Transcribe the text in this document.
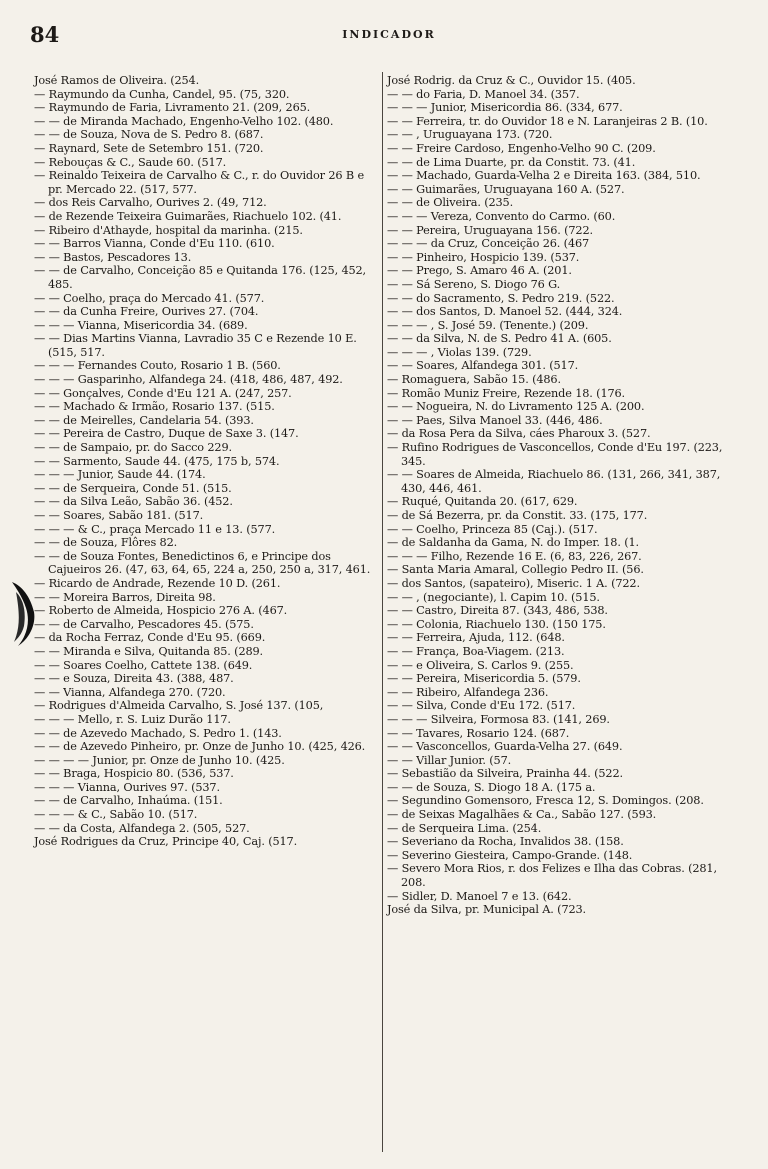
84	INDICADOR

José Ramos de Oliveira. (254.

— Raymundo da Cunha, Candel, 95. (75, 320.

— Raymundo de Faria, Livramento 21. (209, 265.

— — de Miranda Machado, Engenho-Velho 102. (480.

— — de Souza, Nova de S. Pedro 8. (687.

— Raynard, Sete de Setembro 151. (720.

— Rebouças & C., Saude 60. (517.

— Reinaldo Teixeira de Carvalho & C., r. do Ouvidor 26 B e pr. Mercado 22. (517, 577.

— dos Reis Carvalho, Ourives 2. (49, 712.

— de Rezende Teixeira Guimarães, Riachuelo 102. (41.

— Ribeiro d'Athayde, hospital da marinha. (215.

— — Barros Vianna, Conde d'Eu 110. (610.

— — Bastos, Pescadores 13.

— — de Carvalho, Conceição 85 e Quitanda 176. (125, 452, 485.

— — Coelho, praça do Mercado 41. (577.

— — da Cunha Freire, Ourives 27. (704.

— — — Vianna, Misericordia 34. (689.

— — Dias Martins Vianna, Lavradio 35 C e Rezende 10 E. (515, 517.

— — — Fernandes Couto, Rosario 1 B. (560.

— — — Gasparinho, Alfandega 24. (418, 486, 487, 492.

— — Gonçalves, Conde d'Eu 121 A. (247, 257.

— — Machado & Irmão, Rosario 137. (515.

— — de Meirelles, Candelaria 54. (393.

— — Pereira de Castro, Duque de Saxe 3. (147.

— — de Sampaio, pr. do Sacco 229.

— — Sarmento, Saude 44. (475, 175 b, 574.

— — — Junior, Saude 44. (174.

— — de Serqueira, Conde 51. (515.

— — da Silva Leão, Sabão 36. (452.

— — Soares, Sabão 181. (517.

— — — & C., praça Mercado 11 e 13. (577.

— — de Souza, Flôres 82.

— — de Souza Fontes, Benedictinos 6, e Principe dos Cajueiros 26. (47, 63, 64, 65, 224 a, 250, 250 a, 317, 461.

— Ricardo de Andrade, Rezende 10 D. (261.

— — Moreira Barros, Direita 98.

— Roberto de Almeida, Hospicio 276 A. (467.

— — de Carvalho, Pescadores 45. (575.

— da Rocha Ferraz, Conde d'Eu 95. (669.

— — Miranda e Silva, Quitanda 85. (289.

— — Soares Coelho, Cattete 138. (649.

— — e Souza, Direita 43. (388, 487.

— — Vianna, Alfandega 270. (720.

— Rodrigues d'Almeida Carvalho, S. José 137. (105,

— — — Mello, r. S. Luiz Durão 117.

— — de Azevedo Machado, S. Pedro 1. (143.

— — de Azevedo Pinheiro, pr. Onze de Junho 10. (425, 426.

— — — — Junior, pr. Onze de Junho 10. (425.

— — Braga, Hospicio 80. (536, 537.

— — — Vianna, Ourives 97. (537.

— — de Carvalho, Inhaúma. (151.

— — — & C., Sabão 10. (517.

— — da Costa, Alfandega 2. (505, 527.

José Rodrigues da Cruz, Principe 40, Caj. (517.

José Rodrig. da Cruz & C., Ouvidor 15. (405.

— — do Faria, D. Manoel 34. (357.

— — — Junior, Misericordia 86. (334, 677.

— — Ferreira, tr. do Ouvidor 18 e N. Laranjeiras 2 B. (10.

— — , Uruguayana 173. (720.

— — Freire Cardoso, Engenho-Velho 90 C. (209.

— — de Lima Duarte, pr. da Constit. 73. (41.

— — Machado, Guarda-Velha 2 e Direita 163. (384, 510.

— — Guimarães, Uruguayana 160 A. (527.

— — de Oliveira. (235.

— — — Vereza, Convento do Carmo. (60.

— — Pereira, Uruguayana 156. (722.

— — — da Cruz, Conceição 26. (467

— — Pinheiro, Hospicio 139. (537.

— — Prego, S. Amaro 46 A. (201.

— — Sá Sereno, S. Diogo 76 G.

— — do Sacramento, S. Pedro 219. (522.

— — dos Santos, D. Manoel 52. (444, 324.

— — — , S. José 59. (Tenente.) (209.

— — da Silva, N. de S. Pedro 41 A. (605.

— — — , Violas 139. (729.

— — Soares, Alfandega 301. (517.

— Romaguera, Sabão 15. (486.

— Romão Muniz Freire, Rezende 18. (176.

— — Nogueira, N. do Livramento 125 A. (200.

— — Paes, Silva Manoel 33. (446, 486.

— da Rosa Pera da Silva, cáes Pharoux 3. (527.

— Rufino Rodrigues de Vasconcellos, Conde d'Eu 197. (223, 345.

— — Soares de Almeida, Riachuelo 86. (131, 266, 341, 387, 430, 446, 461.

— Ruqué, Quitanda 20. (617, 629.

— de Sá Bezerra, pr. da Constit. 33. (175, 177.

— — Coelho, Princeza 85 (Caj.). (517.

— de Saldanha da Gama, N. do Imper. 18. (1.

— — — Filho, Rezende 16 E. (6, 83, 226, 267.

— Santa Maria Amaral, Collegio Pedro II. (56.

— dos Santos, (sapateiro), Miseric. 1 A. (722.

— — , (negociante), l. Capim 10. (515.

— — Castro, Direita 87. (343, 486, 538.

— — Colonia, Riachuelo 130. (150 175.

— — Ferreira, Ajuda, 112. (648.

— — França, Boa-Viagem. (213.

— — e Oliveira, S. Carlos 9. (255.

— — Pereira, Misericordia 5. (579.

— — Ribeiro, Alfandega 236.

— — Silva, Conde d'Eu 172. (517.

— — — Silveira, Formosa 83. (141, 269.

— — Tavares, Rosario 124. (687.

— — Vasconcellos, Guarda-Velha 27. (649.

— — Villar Junior. (57.

— Sebastião da Silveira, Prainha 44. (522.

— — de Souza, S. Diogo 18 A. (175 a.

— Segundino Gomensoro, Fresca 12, S. Domingos. (208.

— de Seixas Magalhães & Ca., Sabão 127. (593.

— de Serqueira Lima. (254.

— Severiano da Rocha, Invalidos 38. (158.

— Severino Giesteira, Campo-Grande. (148.

— Severo Mora Rios, r. dos Felizes e Ilha das Cobras. (281, 208.

— Sidler, D. Manoel 7 e 13. (642.

José da Silva, pr. Municipal A. (723.
